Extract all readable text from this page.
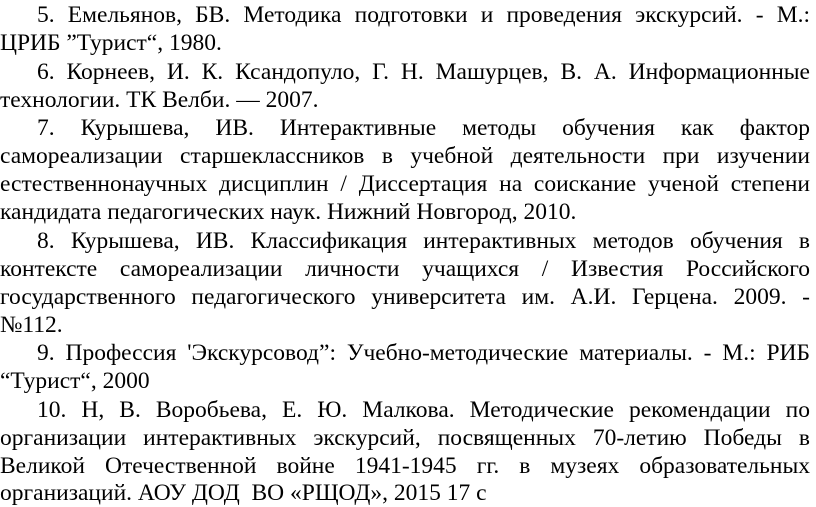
5. Емельянов, БВ. Методика подготовки и проведения экскурсий. - М.:
ЦРИБ ”Турист“, 1980.
6. Корнеев, И. К. Ксандопуло, Г. Н. Машурцев, В. А. Информационные
технологии. ТК Велби. — 2007.
7. Курышева, ИВ. Интерактивные методы обучения как фактор
самореализации старшеклассников в учебной деятельности при изучении
естественнонаучных дисциплин / Диссертация на соискание ученой степени
кандидата педагогических наук. Нижний Новгород, 2010.
8. Курышева, ИВ. Классификация интерактивных методов обучения в
контексте самореализации личности учащихся / Известия Российского
государственного педагогического университета им. А.И. Герцена. 2009. -
№112.
9. Профессия 'Экскурсовод”: Учебно-методические материалы. - М.: РИБ
“Турист“, 2000
10. Н, В. Воробьева, Е. Ю. Малкова. Методические рекомендации по
организации интерактивных экскурсий, посвященных 70-летию Победы в
Великой Отечественной войне 1941-1945 гг. в музеях образовательных
организаций. АОУ ДОД  ВО «РЩОД», 2015 17 с
